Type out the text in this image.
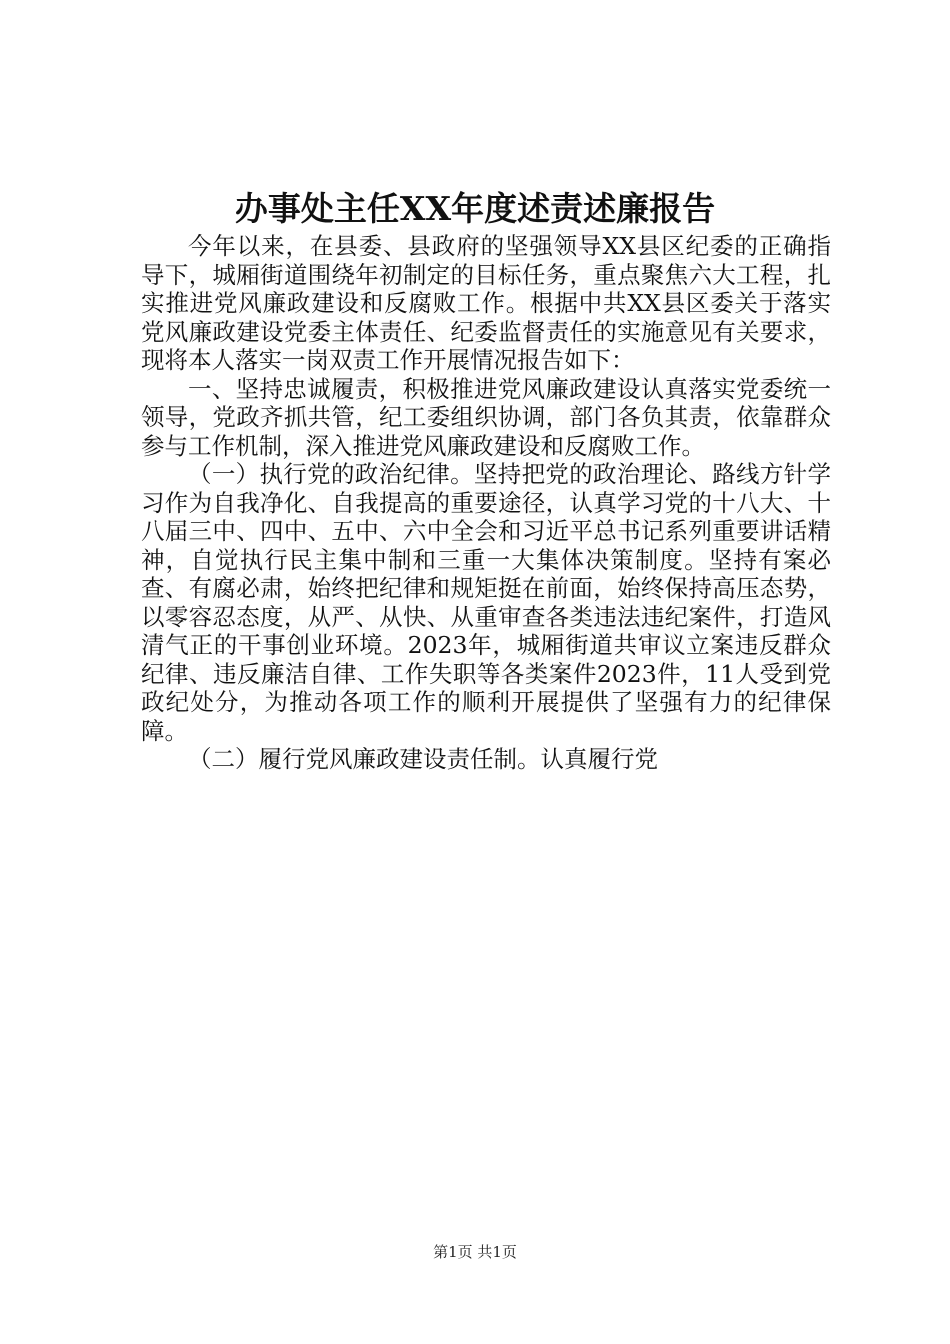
办事处主任XX年度述责述廉报告

今年以来，在县委、县政府的坚强领导XX县区纪委的正确指导下，城厢街道围绕年初制定的目标任务，重点聚焦六大工程，扎实推进党风廉政建设和反腐败工作。根据中共XX县区委关于落实党风廉政建设党委主体责任、纪委监督责任的实施意见有关要求，现将本人落实一岗双责工作开展情况报告如下：

一、坚持忠诚履责，积极推进党风廉政建设认真落实党委统一领导，党政齐抓共管，纪工委组织协调，部门各负其责，依靠群众参与工作机制，深入推进党风廉政建设和反腐败工作。

（一）执行党的政治纪律。坚持把党的政治理论、路线方针学习作为自我净化、自我提高的重要途径，认真学习党的十八大、十八届三中、四中、五中、六中全会和习近平总书记系列重要讲话精神，自觉执行民主集中制和三重一大集体决策制度。坚持有案必查、有腐必肃，始终把纪律和规矩挺在前面，始终保持高压态势，以零容忍态度，从严、从快、从重审查各类违法违纪案件，打造风清气正的干事创业环境。2023年，城厢街道共审议立案违反群众纪律、违反廉洁自律、工作失职等各类案件2023件，11人受到党政纪处分，为推动各项工作的顺利开展提供了坚强有力的纪律保障。

（二）履行党风廉政建设责任制。认真履行党

第1页 共1页
